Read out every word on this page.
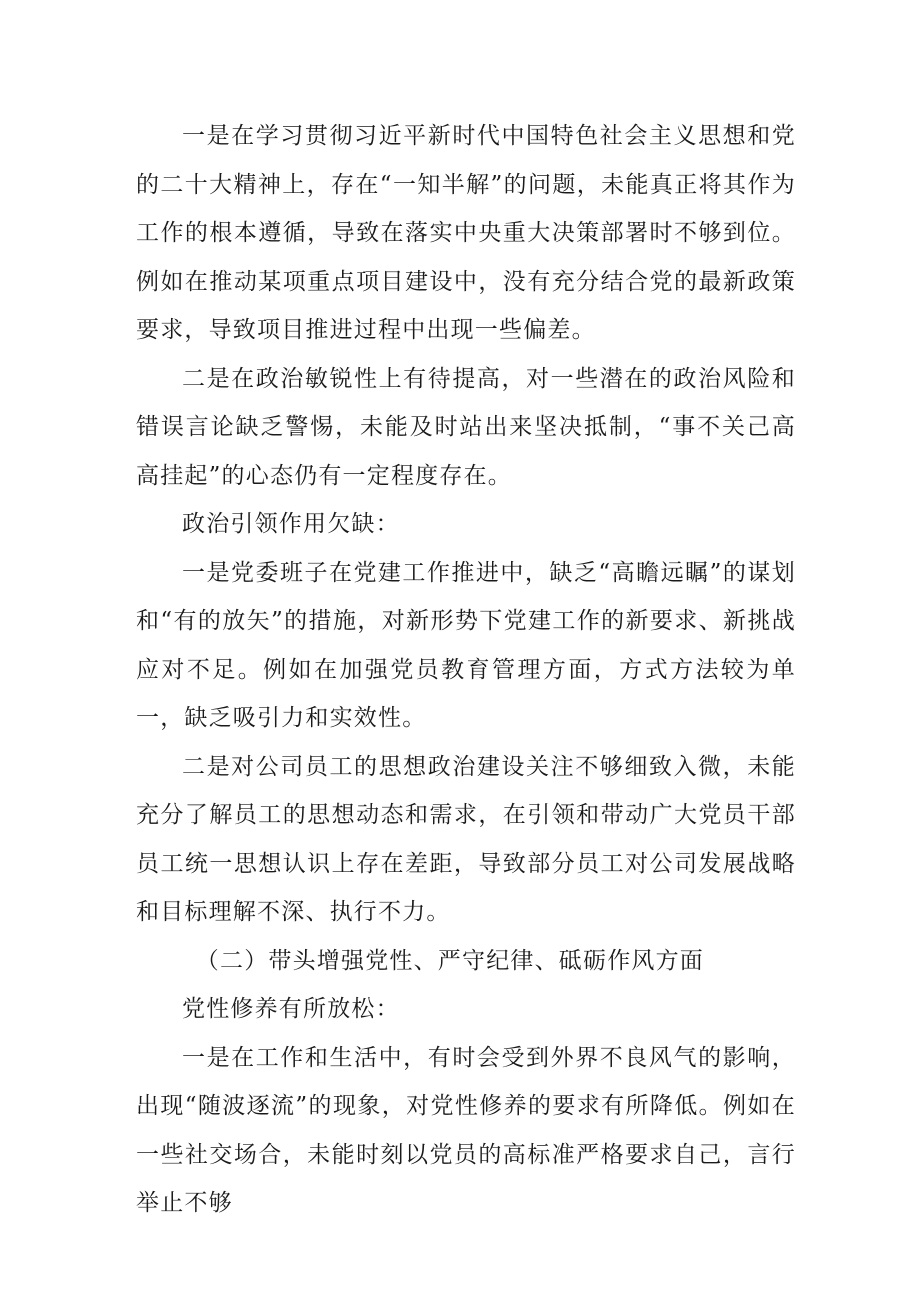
一是在学习贯彻习近平新时代中国特色社会主义思想和党的二十大精神上，存在“一知半解”的问题，未能真正将其作为工作的根本遵循，导致在落实中央重大决策部署时不够到位。例如在推动某项重点项目建设中，没有充分结合党的最新政策要求，导致项目推进过程中出现一些偏差。

二是在政治敏锐性上有待提高，对一些潜在的政治风险和错误言论缺乏警惕，未能及时站出来坚决抵制，“事不关己高高挂起”的心态仍有一定程度存在。

政治引领作用欠缺：

一是党委班子在党建工作推进中，缺乏“高瞻远瞩”的谋划和“有的放矢”的措施，对新形势下党建工作的新要求、新挑战应对不足。例如在加强党员教育管理方面，方式方法较为单一，缺乏吸引力和实效性。

二是对公司员工的思想政治建设关注不够细致入微，未能充分了解员工的思想动态和需求，在引领和带动广大党员干部员工统一思想认识上存在差距，导致部分员工对公司发展战略和目标理解不深、执行不力。

（二）带头增强党性、严守纪律、砥砺作风方面

党性修养有所放松：

一是在工作和生活中，有时会受到外界不良风气的影响，出现“随波逐流”的现象，对党性修养的要求有所降低。例如在一些社交场合，未能时刻以党员的高标准严格要求自己，言行举止不够
